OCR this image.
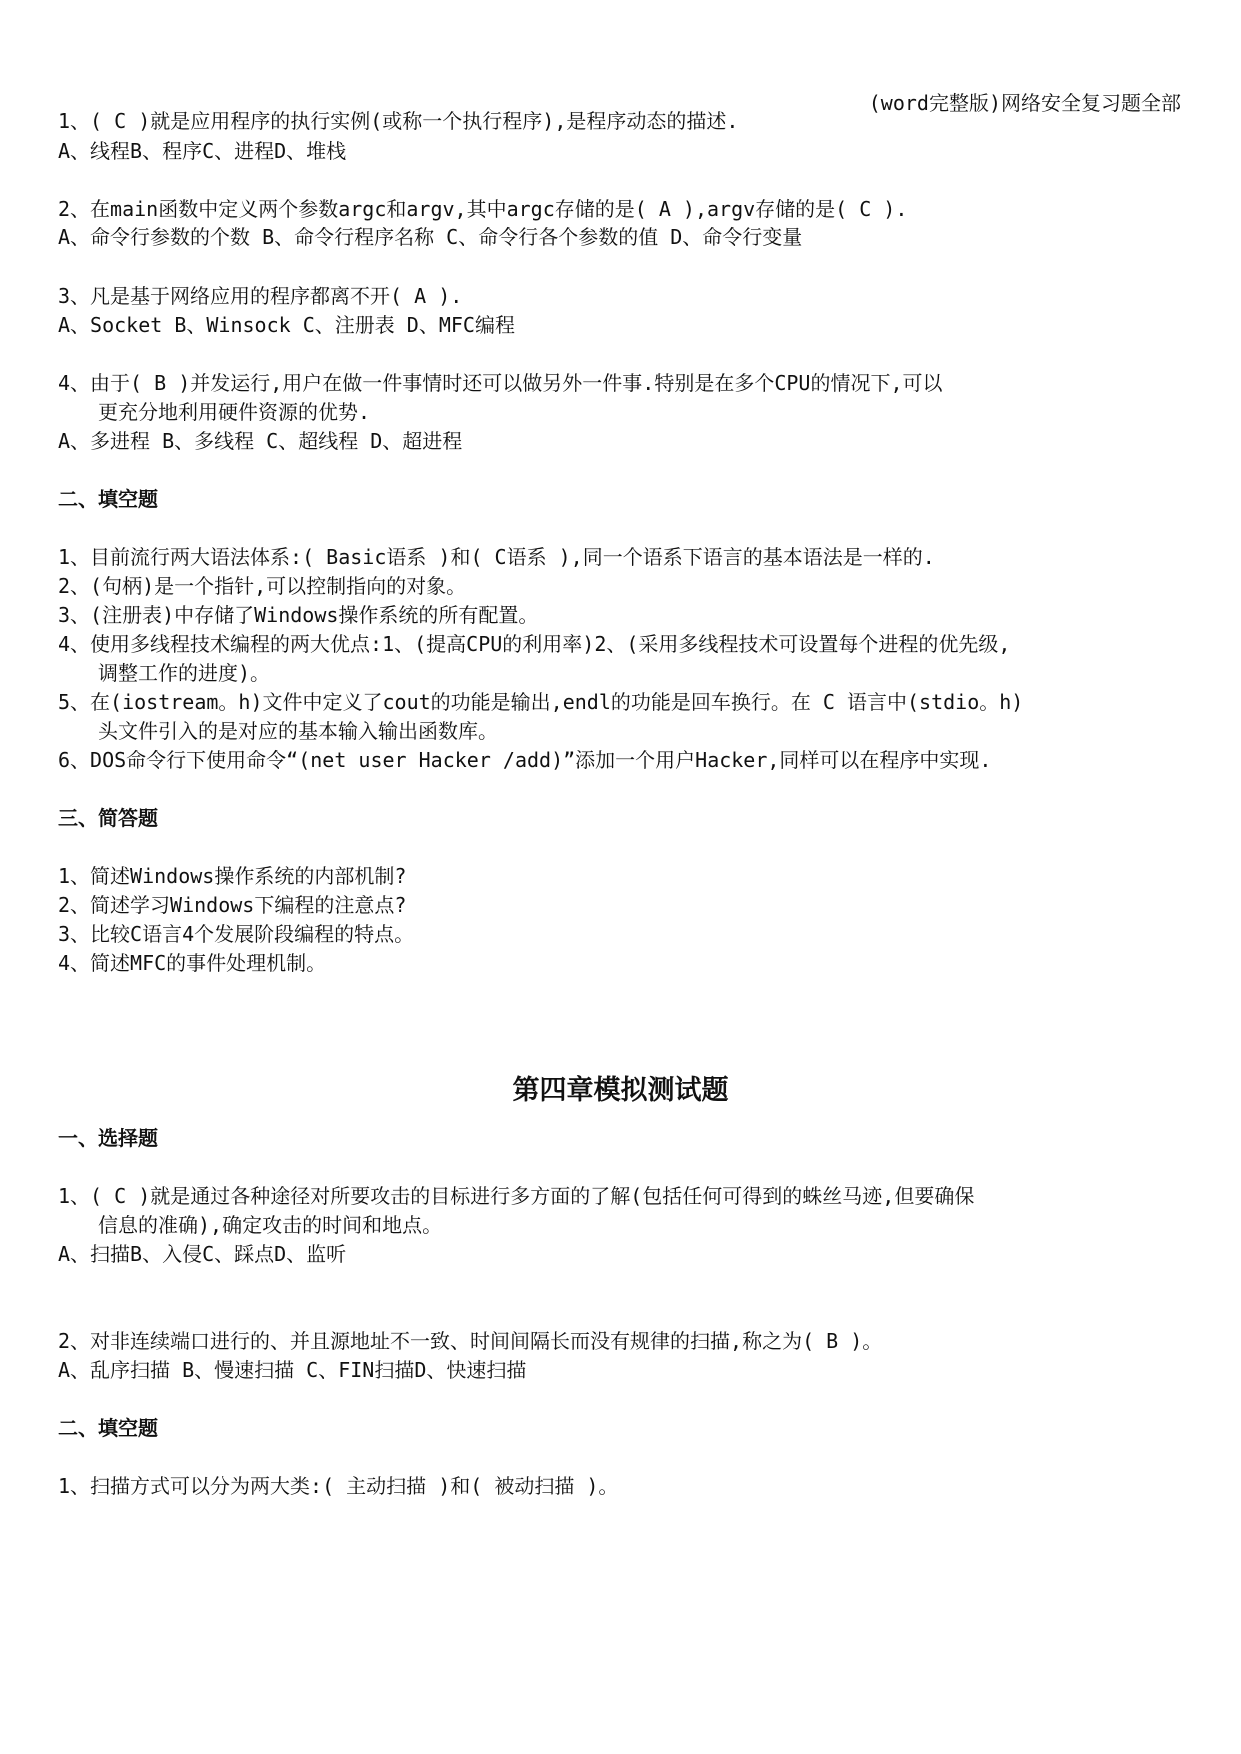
(word完整版)网络安全复习题全部
1、( C )就是应用程序的执行实例(或称一个执行程序),是程序动态的描述.
A、线程B、程序C、进程D、堆栈
2、在main函数中定义两个参数argc和argv,其中argc存储的是( A ),argv存储的是( C ).
A、命令行参数的个数 B、命令行程序名称 C、命令行各个参数的值 D、命令行变量
3、凡是基于网络应用的程序都离不开( A ).
A、Socket B、Winsock C、注册表 D、MFC编程
4、由于( B )并发运行,用户在做一件事情时还可以做另外一件事.特别是在多个CPU的情况下,可以
更充分地利用硬件资源的优势.
A、多进程 B、多线程 C、超线程 D、超进程
二、填空题
1、目前流行两大语法体系:( Basic语系 )和( C语系 ),同一个语系下语言的基本语法是一样的.
2、(句柄)是一个指针,可以控制指向的对象。
3、(注册表)中存储了Windows操作系统的所有配置。
4、使用多线程技术编程的两大优点:1、(提高CPU的利用率)2、(采用多线程技术可设置每个进程的优先级,
调整工作的进度)。
5、在(iostream。h)文件中定义了cout的功能是输出,endl的功能是回车换行。在 C 语言中(stdio。h)
头文件引入的是对应的基本输入输出函数库。
6、DOS命令行下使用命令“(net user Hacker /add)”添加一个用户Hacker,同样可以在程序中实现.
三、简答题
1、简述Windows操作系统的内部机制?
2、简述学习Windows下编程的注意点?
3、比较C语言4个发展阶段编程的特点。
4、简述MFC的事件处理机制。
第四章模拟测试题
一、选择题
1、( C )就是通过各种途径对所要攻击的目标进行多方面的了解(包括任何可得到的蛛丝马迹,但要确保
信息的准确),确定攻击的时间和地点。
A、扫描B、入侵C、踩点D、监听
2、对非连续端口进行的、并且源地址不一致、时间间隔长而没有规律的扫描,称之为( B )。
A、乱序扫描 B、慢速扫描 C、FIN扫描D、快速扫描
二、填空题
1、扫描方式可以分为两大类:( 主动扫描 )和( 被动扫描 )。
